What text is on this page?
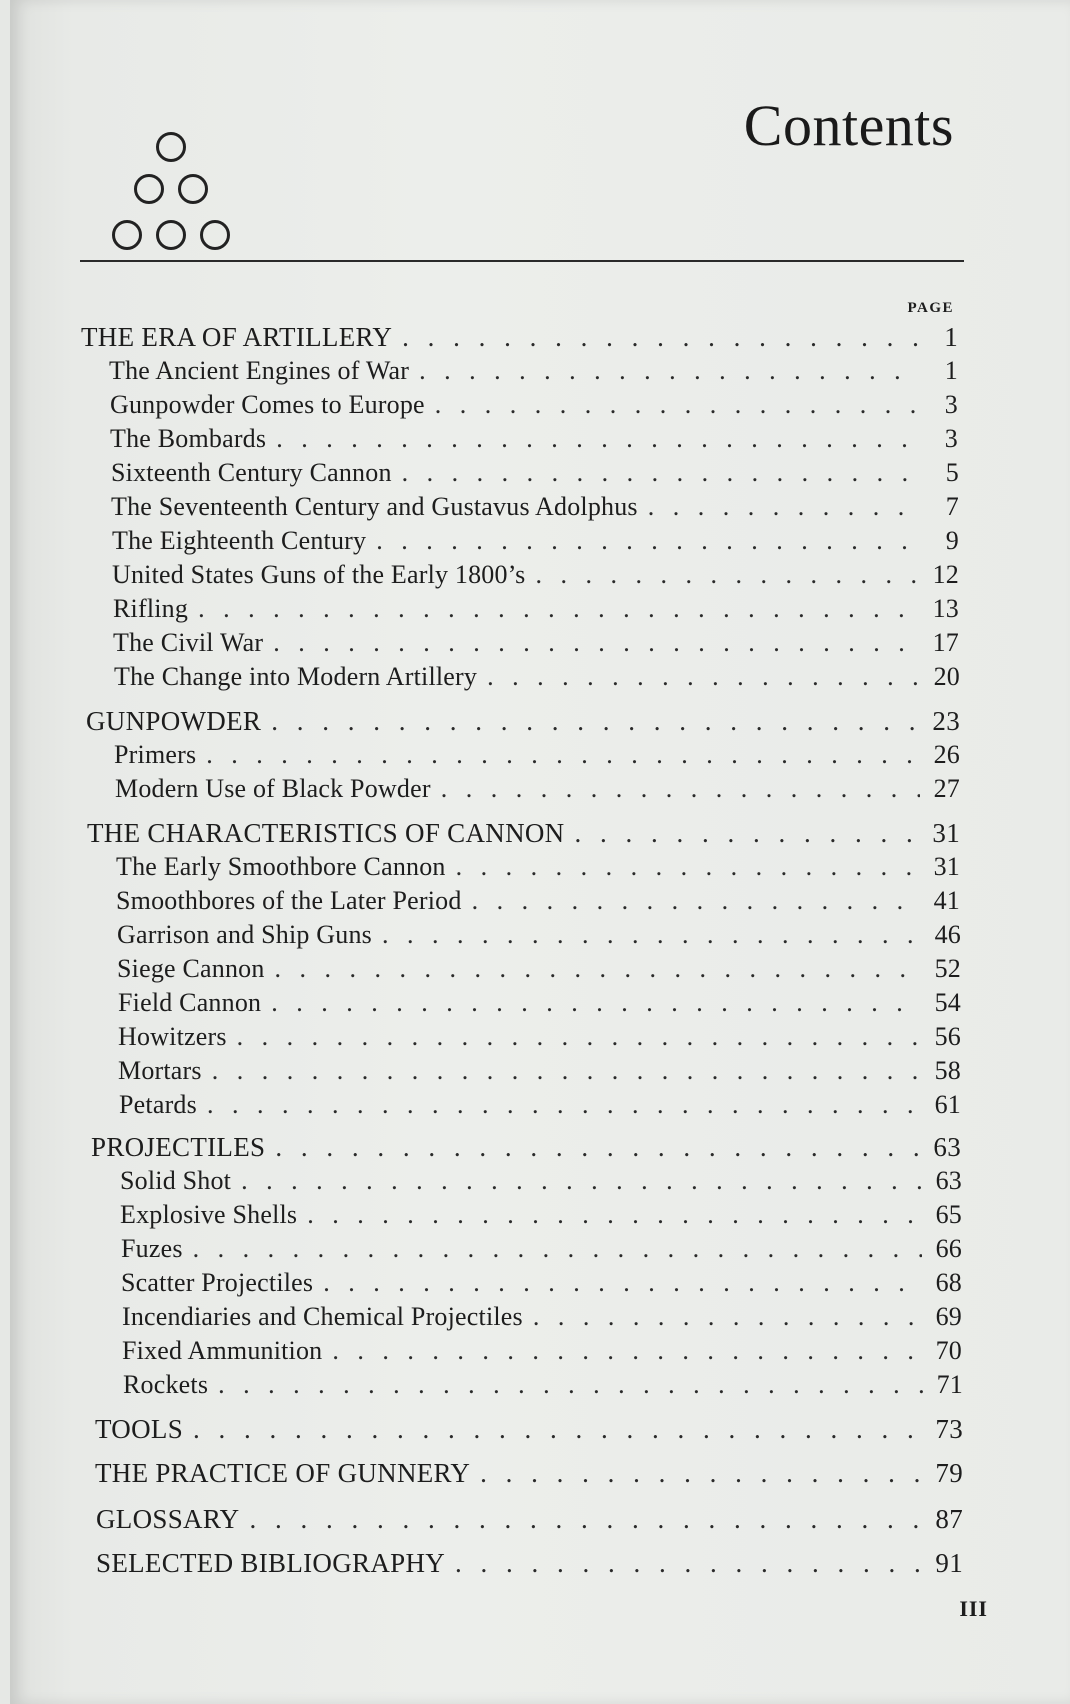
Contents
PAGE
THE ERA OF ARTILLERY . . .	1
The Ancient Engines of War . . .	1
Gunpowder Comes to Europe . . .	3
The Bombards . . .	3
Sixteenth Century Cannon . . .	5
The Seventeenth Century and Gustavus Adolphus . . .	7
The Eighteenth Century . . .	9
United States Guns of the Early 1800’s . . .	12
Rifling . . .	13
The Civil War . . .	17
The Change into Modern Artillery . . .	20
GUNPOWDER . . .	23
Primers . . .	26
Modern Use of Black Powder . . .	27
THE CHARACTERISTICS OF CANNON . . .	31
The Early Smoothbore Cannon . . .	31
Smoothbores of the Later Period . . .	41
Garrison and Ship Guns . . .	46
Siege Cannon . . .	52
Field Cannon . . .	54
Howitzers . . .	56
Mortars . . .	58
Petards . . .	61
PROJECTILES . . .	63
Solid Shot . . .	63
Explosive Shells . . .	65
Fuzes . . .	66
Scatter Projectiles . . .	68
Incendiaries and Chemical Projectiles . . .	69
Fixed Ammunition . . .	70
Rockets . . .	71
TOOLS . . .	73
THE PRACTICE OF GUNNERY . . .	79
GLOSSARY . . .	87
SELECTED BIBLIOGRAPHY . . .	91
III
